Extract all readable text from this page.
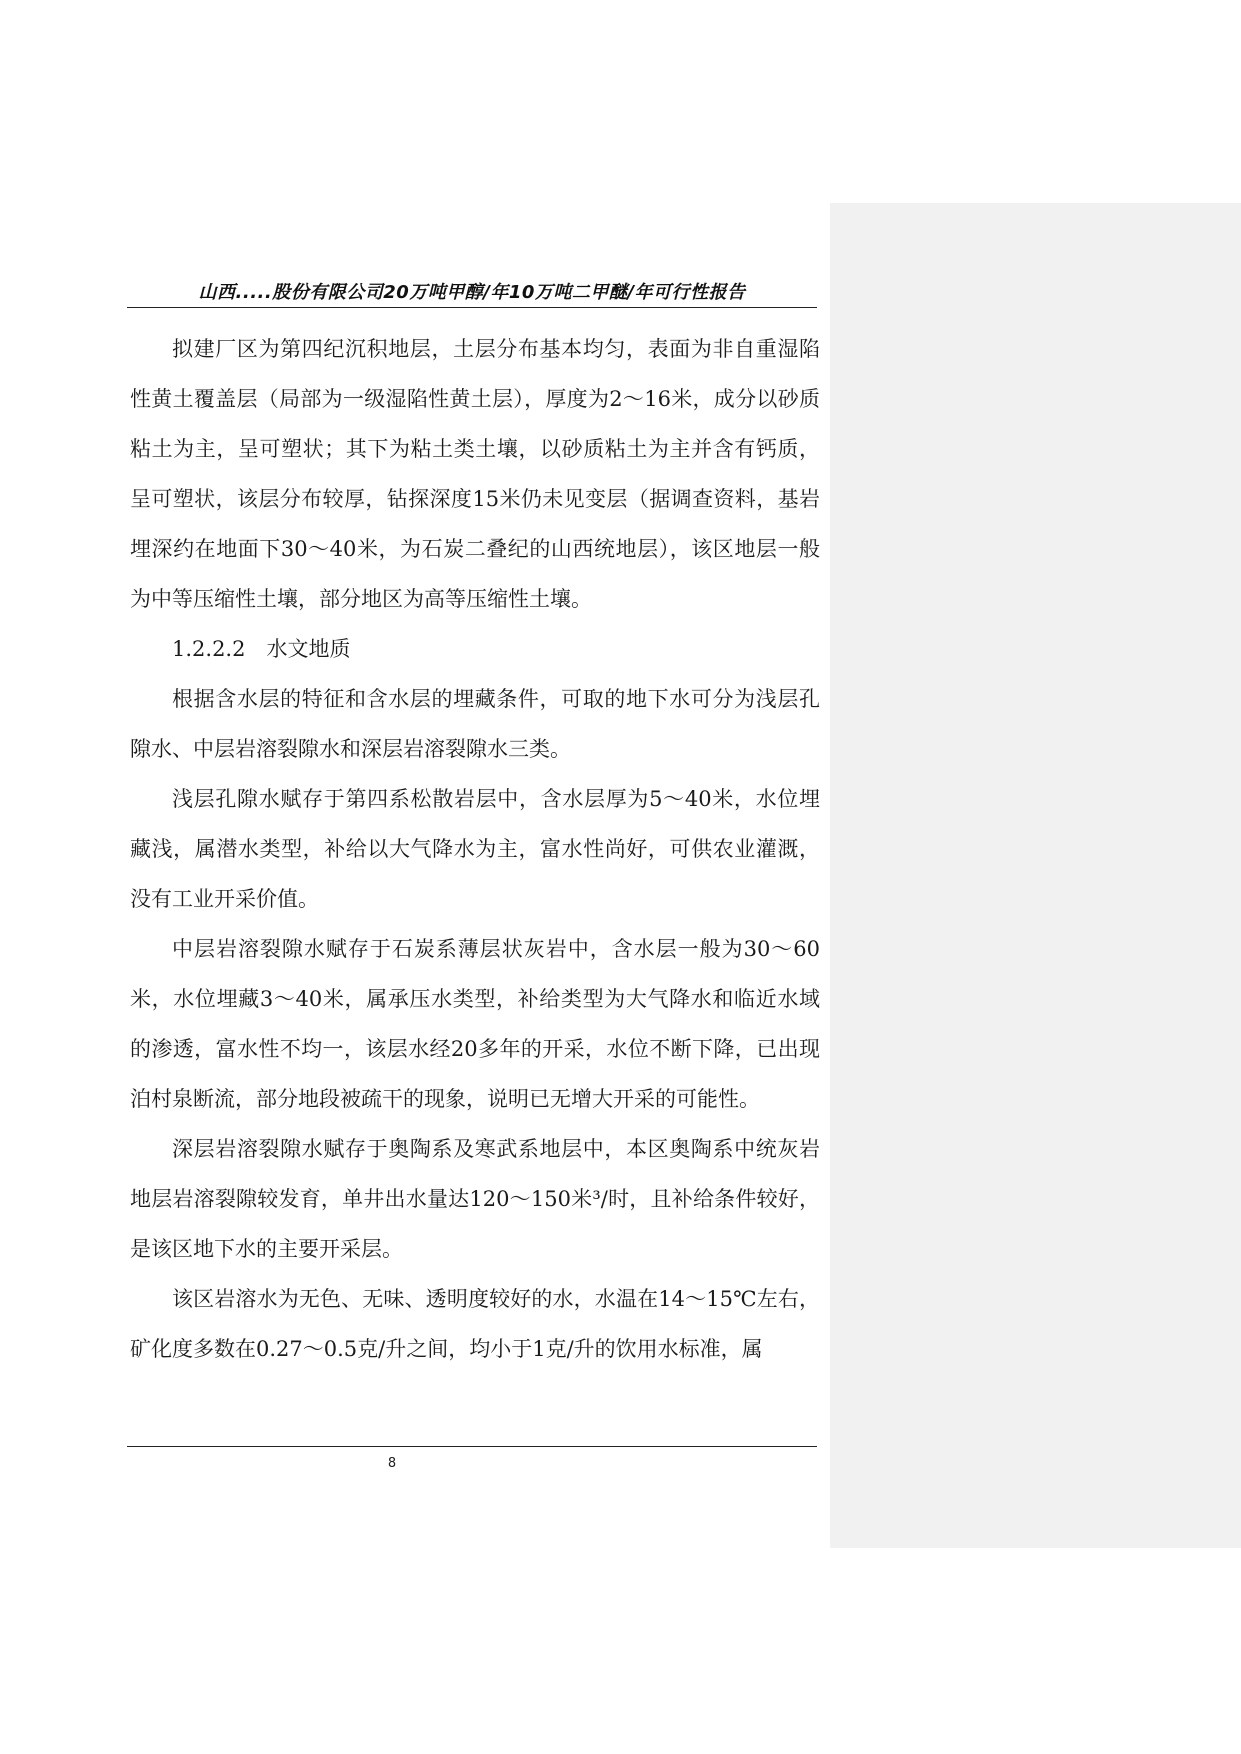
山西.....股份有限公司20万吨甲醇/年10万吨二甲醚/年可行性报告

拟建厂区为第四纪沉积地层，土层分布基本均匀，表面为非自重湿陷性黄土覆盖层（局部为一级湿陷性黄土层），厚度为2～16米，成分以砂质粘土为主，呈可塑状；其下为粘土类土壤，以砂质粘土为主并含有钙质，呈可塑状，该层分布较厚，钻探深度15米仍未见变层（据调查资料，基岩埋深约在地面下30～40米，为石炭二叠纪的山西统地层），该区地层一般为中等压缩性土壤，部分地区为高等压缩性土壤。

1.2.2.2　水文地质

根据含水层的特征和含水层的埋藏条件，可取的地下水可分为浅层孔隙水、中层岩溶裂隙水和深层岩溶裂隙水三类。

浅层孔隙水赋存于第四系松散岩层中，含水层厚为5～40米，水位埋藏浅，属潜水类型，补给以大气降水为主，富水性尚好，可供农业灌溉，没有工业开采价值。

中层岩溶裂隙水赋存于石炭系薄层状灰岩中，含水层一般为30～60米，水位埋藏3～40米，属承压水类型，补给类型为大气降水和临近水域的渗透，富水性不均一，该层水经20多年的开采，水位不断下降，已出现泊村泉断流，部分地段被疏干的现象，说明已无增大开采的可能性。

深层岩溶裂隙水赋存于奥陶系及寒武系地层中，本区奥陶系中统灰岩地层岩溶裂隙较发育，单井出水量达120～150米³/时，且补给条件较好，是该区地下水的主要开采层。

该区岩溶水为无色、无味、透明度较好的水，水温在14～15℃左右，矿化度多数在0.27～0.5克/升之间，均小于1克/升的饮用水标准，属

8
